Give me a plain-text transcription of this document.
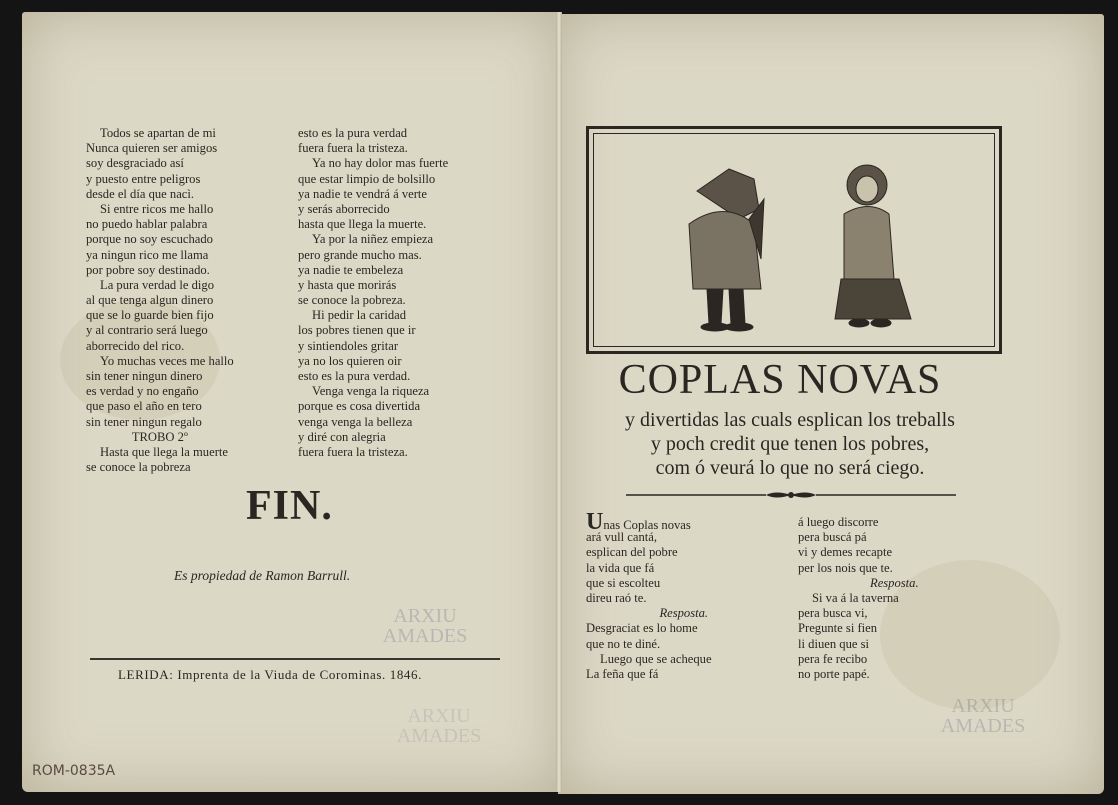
Todos se apartan de mi
Nunca quieren ser amigos
soy desgraciado así
y puesto entre peligros
desde el día que nacì.
Si entre ricos me hallo
no puedo hablar palabra
porque no soy escuchado
ya ningun rico me llama
por pobre soy destinado.
La pura verdad le digo
al que tenga algun dinero
que se lo guarde bien fijo
y al contrario será luego
aborrecido del rico.
Yo muchas veces me hallo
sin tener ningun dinero
es verdad y no engaño
que paso el año en tero
sin tener ningun regalo
TROBO 2º
Hasta que llega la muerte
se conoce la pobreza
esto es la pura verdad
fuera fuera la tristeza.
Ya no hay dolor mas fuerte
que estar limpio de bolsillo
ya nadie te vendrá á verte
y serás aborrecido
hasta que llega la muerte.
Ya por la niñez empieza
pero grande mucho mas.
ya nadie te embeleza
y hasta que morirás
se conoce la pobreza.
Hi pedir la caridad
los pobres tienen que ir
y sintiendoles gritar
ya no los quieren oir
esto es la pura verdad.
Venga venga la riqueza
porque es cosa divertida
venga venga la belleza
y diré con alegria
fuera fuera la tristeza.
FIN.
Es propiedad de Ramon Barrull.
LERIDA: Imprenta de la Viuda de Corominas. 1846.
ARXIU AMADES
ARXIU AMADES
ARXIU AMADES
COPLAS NOVAS
y divertidas las cuals esplican los treballs
y poch credit que tenen los pobres,
com ó veurá lo que no será ciego.
Unas Coplas novas
ará vull cantá,
esplican del pobre
la vida que fá
que si escolteu
direu raó te.
Resposta.
Desgraciat es lo home
que no te diné.
Luego que se acheque
La feña que fá
á luego discorre
pera buscá pá
vi y demes recapte
per los nois que te.
Resposta.
Si va á la taverna
pera busca vi,
Pregunte si fien
li diuen que si
pera fe recibo
no porte papé.
ROM-0835A
